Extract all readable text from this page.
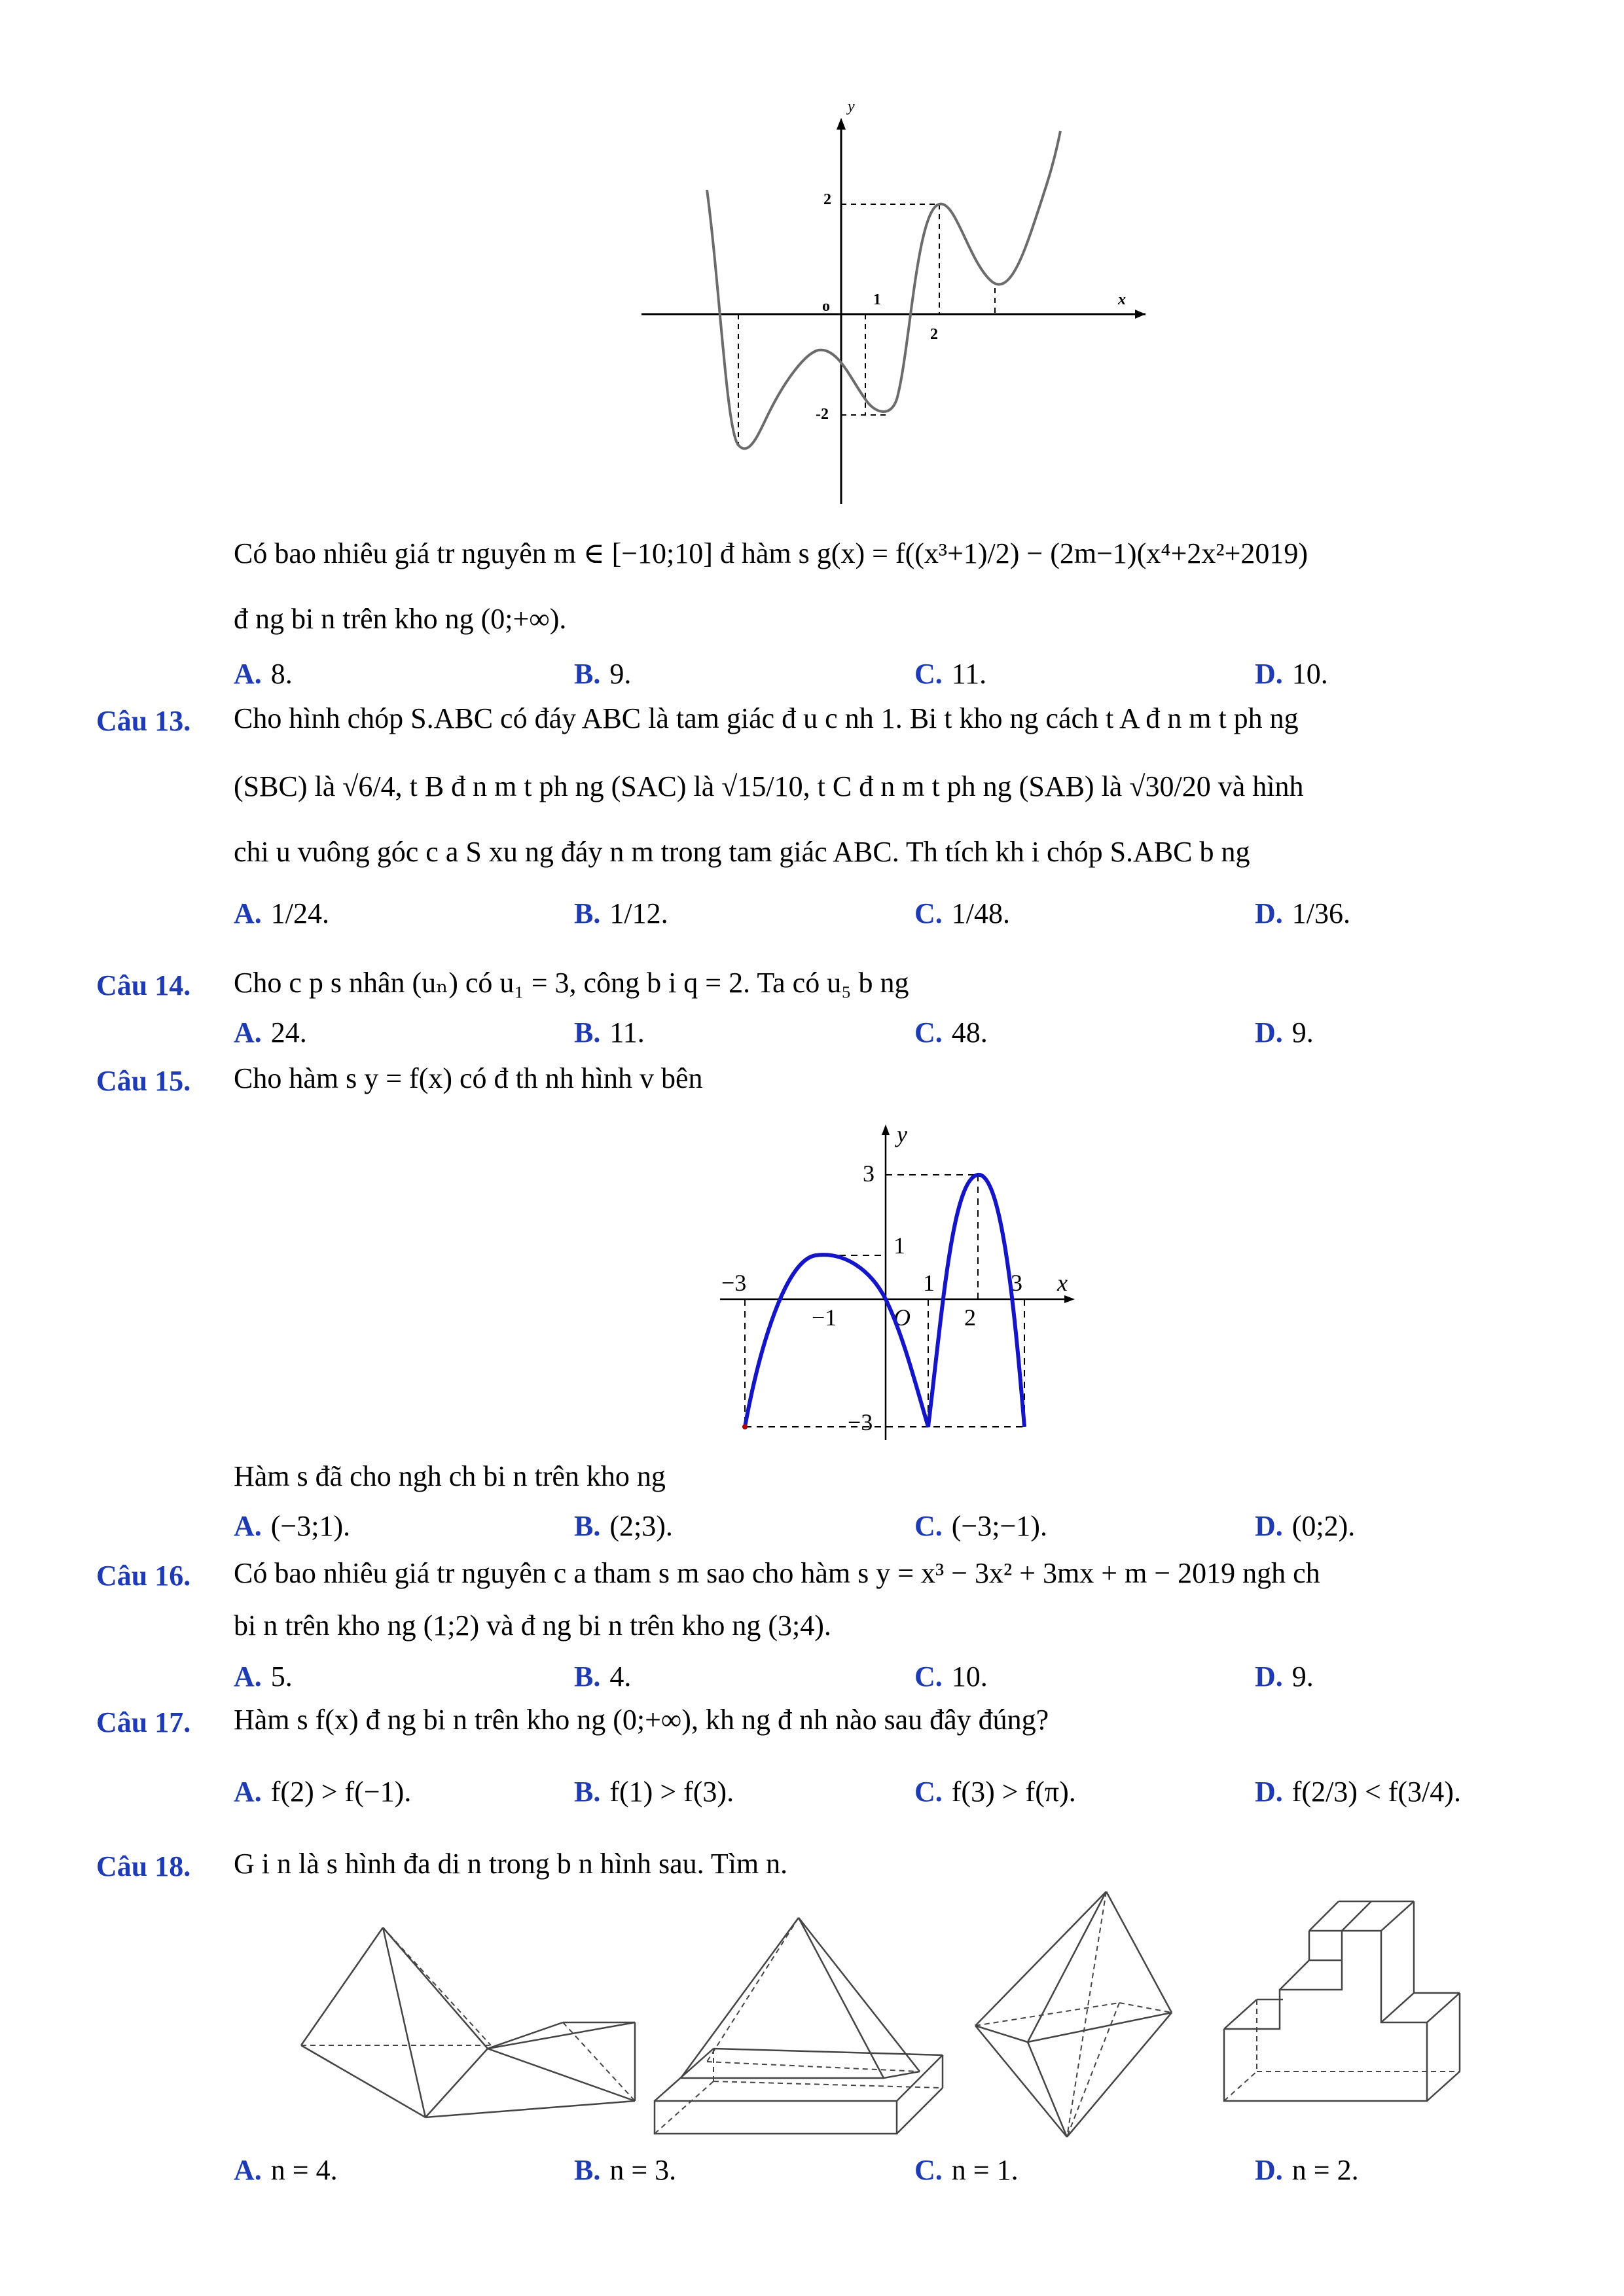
x
y
o	1
2
2
-2
Có bao nhiêu giá tr nguyên m ∈ [−10;10] đ hàm s g(x) = f((x³+1)/2) − (2m−1)(x⁴+2x²+2019)
đ ng bi n trên kho ng (0;+∞).
A. 8.	B. 9.	C. 11.	D. 10.
Câu 13. Cho hình chóp S.ABC có đáy ABC là tam giác đ u c nh 1. Bi t kho ng cách t A đ n m t ph ng
(SBC) là √6/4, t B đ n m t ph ng (SAC) là √15/10, t C đ n m t ph ng (SAB) là √30/20 và hình
chi u vuông góc c a S xu ng đáy n m trong tam giác ABC. Th tích kh i chóp S.ABC b ng
A. 1/24.	B. 1/12.	C. 1/48.	D. 1/36.
Câu 14. Cho c p s nhân (uₙ) có u₁ = 3, công b i q = 2. Ta có u₅ b ng
A. 24.	B. 11.	C. 48.	D. 9.
Câu 15. Cho hàm s y = f(x) có đ th nh hình v bên
x
y
O
−3
−1
1
2
3
3
1
−3
Hàm s đã cho ngh ch bi n trên kho ng
A. (−3;1).	B. (2;3).	C. (−3;−1).	D. (0;2).
Câu 16. Có bao nhiêu giá tr nguyên c a tham s m sao cho hàm s y = x³ − 3x² + 3mx + m − 2019 ngh ch
bi n trên kho ng (1;2) và đ ng bi n trên kho ng (3;4).
A. 5.	B. 4.	C. 10.	D. 9.
Câu 17. Hàm s f(x) đ ng bi n trên kho ng (0;+∞), kh ng đ nh nào sau đây đúng?
A. f(2) > f(−1).	B. f(1) > f(3).	C. f(3) > f(π).	D. f(2/3) < f(3/4).
Câu 18. G i n là s hình đa di n trong b n hình sau. Tìm n.
A. n = 4.	B. n = 3.	C. n = 1.	D. n = 2.
